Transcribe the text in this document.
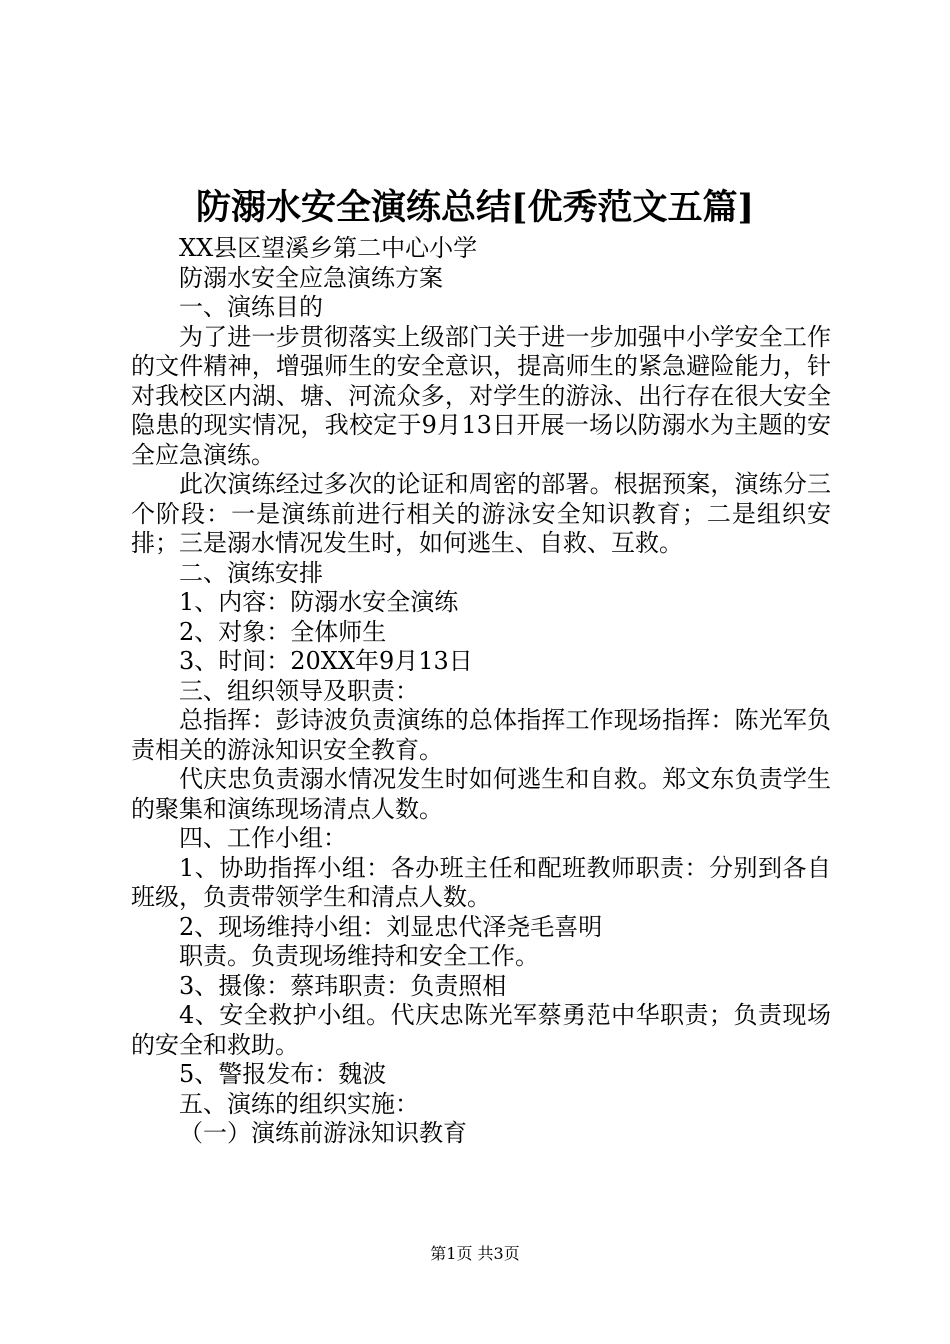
防溺水安全演练总结[优秀范文五篇]

XX县区望溪乡第二中心小学

防溺水安全应急演练方案

一、演练目的

为了进一步贯彻落实上级部门关于进一步加强中小学安全工作的文件精神，增强师生的安全意识，提高师生的紧急避险能力，针对我校区内湖、塘、河流众多，对学生的游泳、出行存在很大安全隐患的现实情况，我校定于9月13日开展一场以防溺水为主题的安全应急演练。

此次演练经过多次的论证和周密的部署。根据预案，演练分三个阶段：一是演练前进行相关的游泳安全知识教育；二是组织安排；三是溺水情况发生时，如何逃生、自救、互救。

二、演练安排

1、内容：防溺水安全演练

2、对象：全体师生

3、时间：20XX年9月13日

三、组织领导及职责：

总指挥：彭诗波负责演练的总体指挥工作现场指挥：陈光军负责相关的游泳知识安全教育。

代庆忠负责溺水情况发生时如何逃生和自救。郑文东负责学生的聚集和演练现场清点人数。

四、工作小组：

1、协助指挥小组：各办班主任和配班教师职责：分别到各自班级，负责带领学生和清点人数。

2、现场维持小组：刘显忠代泽尧毛喜明

职责。负责现场维持和安全工作。

3、摄像：蔡玮职责：负责照相

4、安全救护小组。代庆忠陈光军蔡勇范中华职责；负责现场的安全和救助。

5、警报发布：魏波

五、演练的组织实施：

（一）演练前游泳知识教育

第1页 共3页
